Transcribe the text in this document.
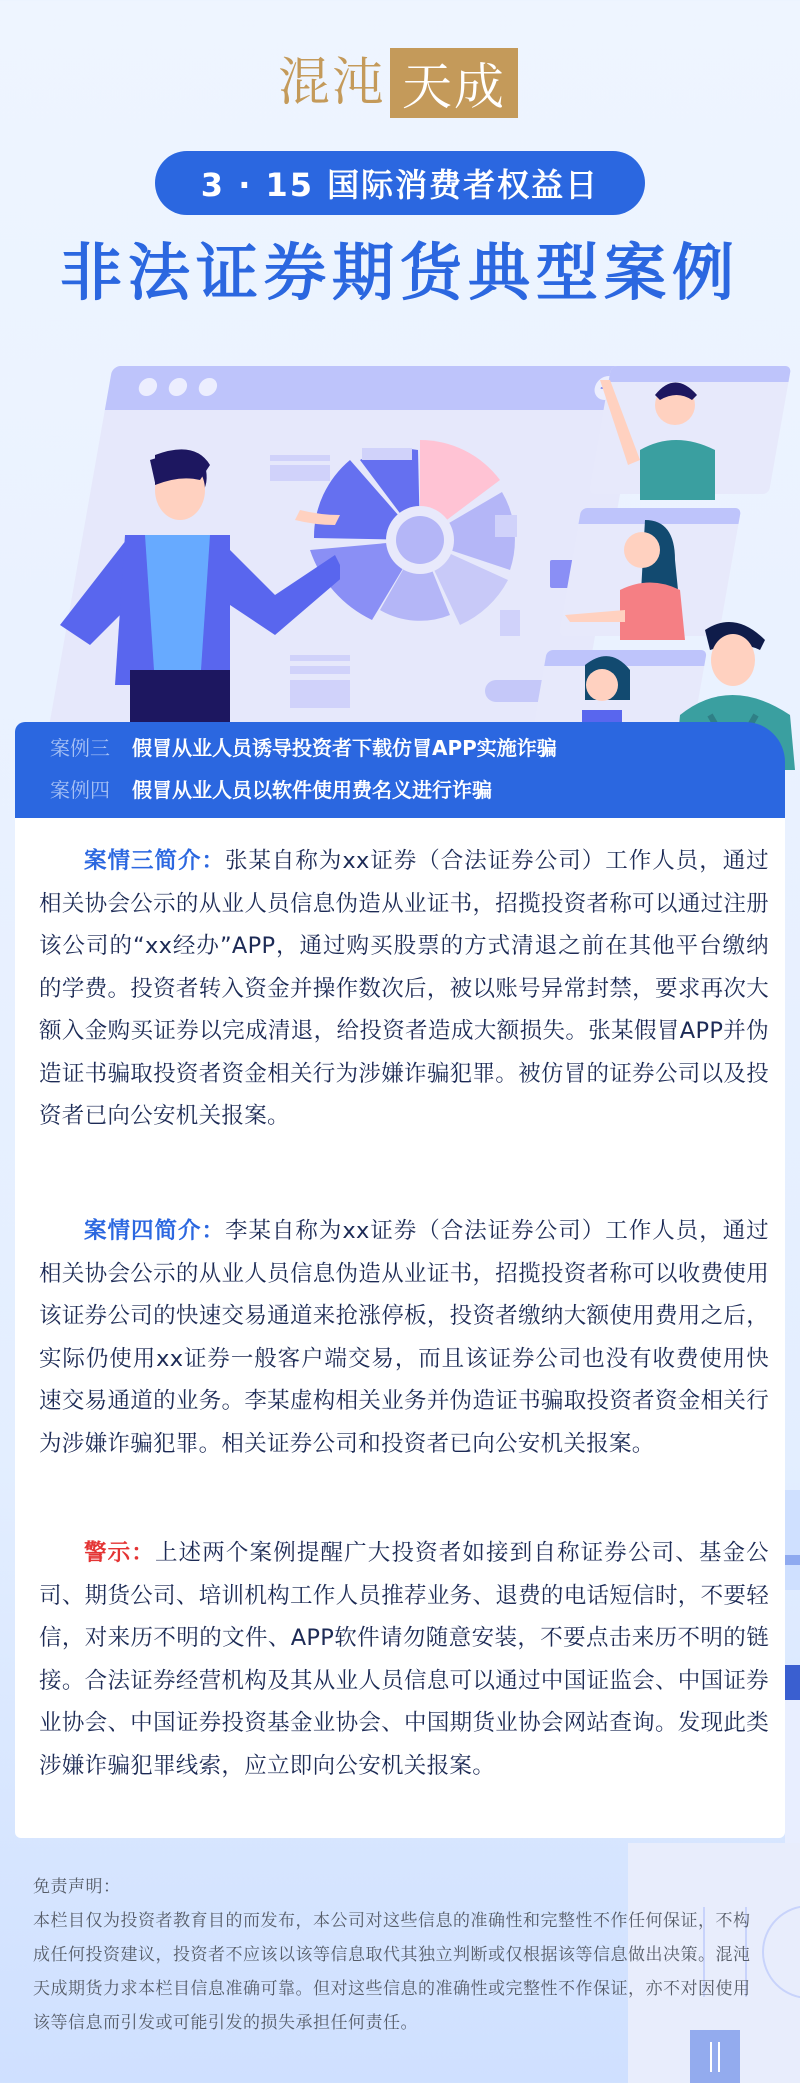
混沌 天成
3 · 15 国际消费者权益日
非法证券期货典型案例
案例三 假冒从业人员诱导投资者下载仿冒APP实施诈骗
案例四 假冒从业人员以软件使用费名义进行诈骗
案情三简介：张某自称为xx证券（合法证券公司）工作人员，通过相关协会公示的从业人员信息伪造从业证书，招揽投资者称可以通过注册该公司的“xx经办”APP，通过购买股票的方式清退之前在其他平台缴纳的学费。投资者转入资金并操作数次后，被以账号异常封禁，要求再次大额入金购买证券以完成清退，给投资者造成大额损失。张某假冒APP并伪造证书骗取投资者资金相关行为涉嫌诈骗犯罪。被仿冒的证券公司以及投资者已向公安机关报案。
案情四简介：李某自称为xx证券（合法证券公司）工作人员，通过相关协会公示的从业人员信息伪造从业证书，招揽投资者称可以收费使用该证券公司的快速交易通道来抢涨停板，投资者缴纳大额使用费用之后，实际仍使用xx证券一般客户端交易，而且该证券公司也没有收费使用快速交易通道的业务。李某虚构相关业务并伪造证书骗取投资者资金相关行为涉嫌诈骗犯罪。相关证券公司和投资者已向公安机关报案。
警示：上述两个案例提醒广大投资者如接到自称证券公司、基金公司、期货公司、培训机构工作人员推荐业务、退费的电话短信时，不要轻信，对来历不明的文件、APP软件请勿随意安装，不要点击来历不明的链接。合法证券经营机构及其从业人员信息可以通过中国证监会、中国证券业协会、中国证券投资基金业协会、中国期货业协会网站查询。发现此类涉嫌诈骗犯罪线索，应立即向公安机关报案。
免责声明：
本栏目仅为投资者教育目的而发布，本公司对这些信息的准确性和完整性不作任何保证，不构成任何投资建议，投资者不应该以该等信息取代其独立判断或仅根据该等信息做出决策。混沌天成期货力求本栏目信息准确可靠。但对这些信息的准确性或完整性不作保证，亦不对因使用该等信息而引发或可能引发的损失承担任何责任。
